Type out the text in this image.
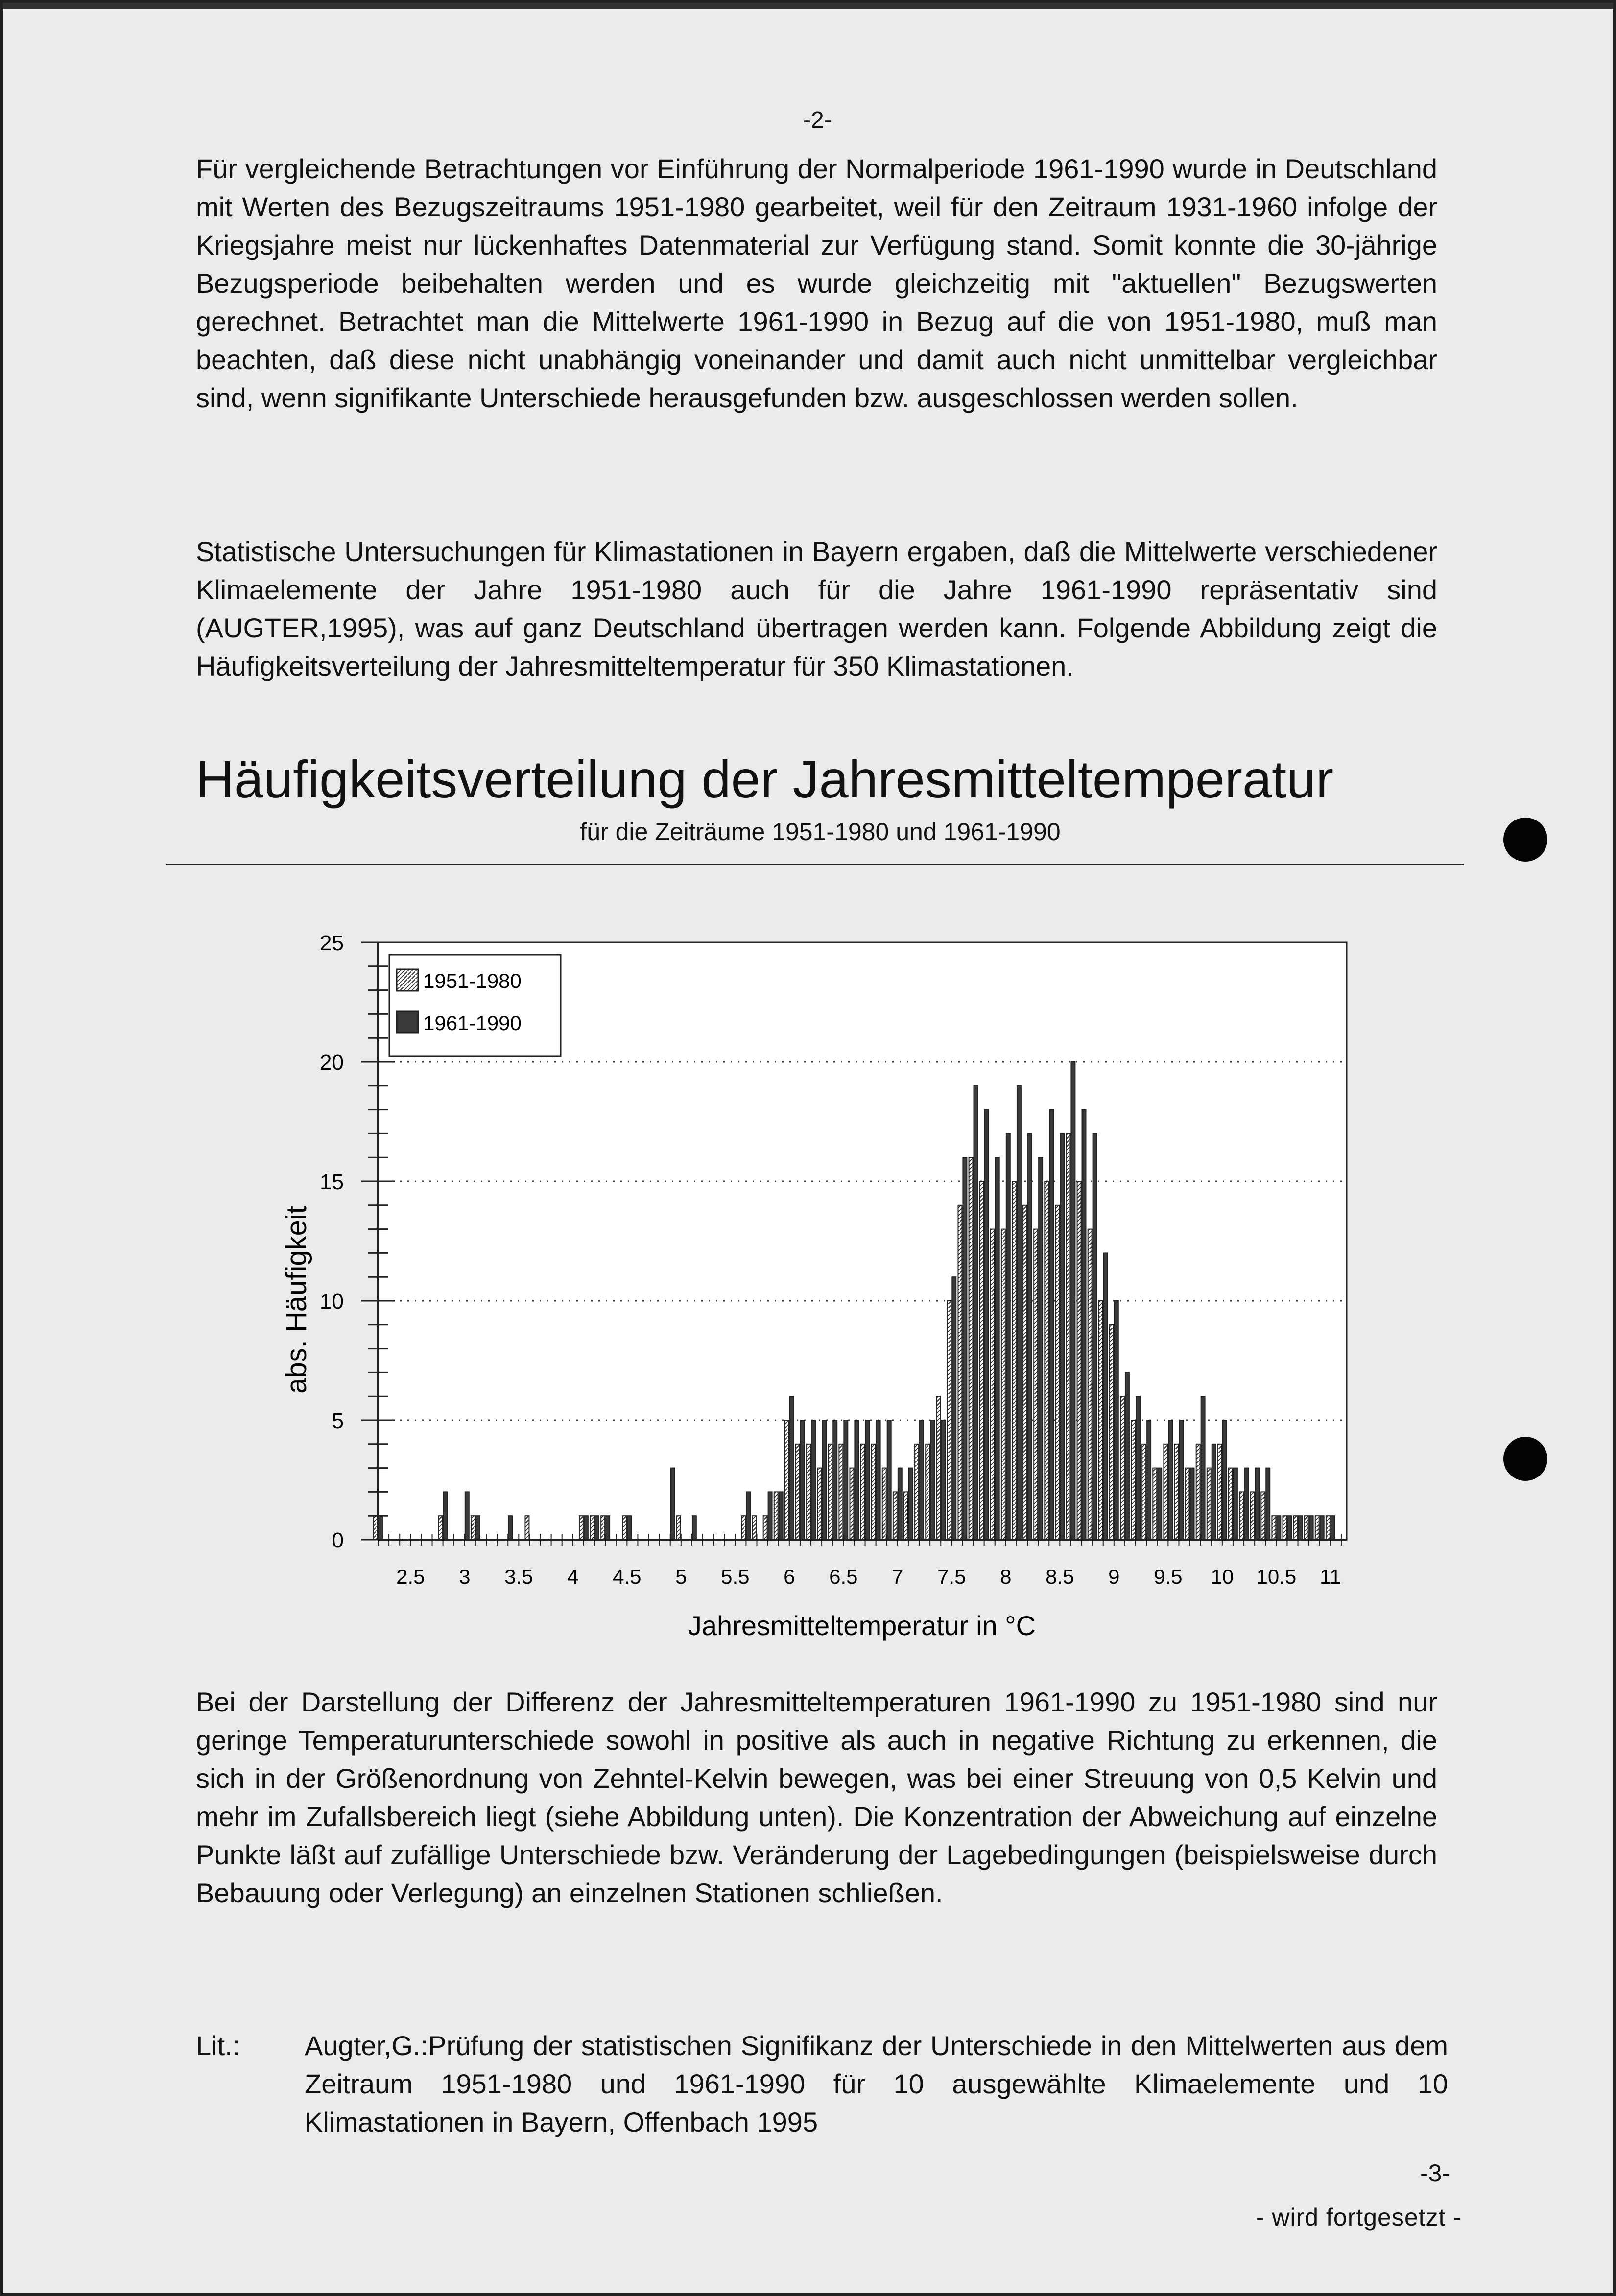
-2-
Für vergleichende Betrachtungen vor Einführung der Normalperiode 1961-1990 wurde in Deutschland mit Werten des Bezugszeitraums 1951-1980 gearbeitet, weil für den Zeitraum 1931-1960 infolge der Kriegsjahre meist nur lückenhaftes Datenmaterial zur Verfügung stand. Somit konnte die 30-jährige Bezugsperiode beibehalten werden und es wurde gleichzeitig mit "aktuellen" Bezugswerten gerechnet. Betrachtet man die Mittelwerte 1961-1990 in Bezug auf die von 1951-1980, muß man beachten, daß diese nicht unabhängig voneinander und damit auch nicht unmittelbar vergleichbar sind, wenn signifikante Unterschiede herausgefunden bzw. ausgeschlossen werden sollen.
Statistische Untersuchungen für Klimastationen in Bayern ergaben, daß die Mittelwerte verschiedener Klimaelemente der Jahre 1951-1980 auch für die Jahre 1961-1990 repräsentativ sind (AUGTER,1995), was auf ganz Deutschland übertragen werden kann. Folgende Abbildung zeigt die Häufigkeitsverteilung der Jahresmitteltemperatur für 350 Klimastationen.
Häufigkeitsverteilung der Jahresmitteltemperatur
für die Zeiträume 1951-1980 und 1961-1990
0
5
10
15
20
25
2.5 3 3.5 4 4.5 5 5.5 6 6.5 7 7.5 8 8.5 9 9.5 10 10.5 11
1951-1980
1961-1990
abs. Häufigkeit
Jahresmitteltemperatur in °C
Bei der Darstellung der Differenz der Jahresmitteltemperaturen 1961-1990 zu 1951-1980 sind nur geringe Temperaturunterschiede sowohl in positive als auch in negative Richtung zu erkennen, die sich in der Größenordnung von Zehntel-Kelvin bewegen, was bei einer Streuung von 0,5 Kelvin und mehr im Zufallsbereich liegt (siehe Abbildung unten). Die Konzentration der Abweichung auf einzelne Punkte läßt auf zufällige Unterschiede bzw. Veränderung der Lagebedingungen (beispielsweise durch Bebauung oder Verlegung) an einzelnen Stationen schließen.
Lit.: Augter,G.:Prüfung der statistischen Signifikanz der Unterschiede in den Mittelwerten aus dem Zeitraum 1951-1980 und 1961-1990 für 10 ausgewählte Klimaelemente und 10 Klimastationen in Bayern, Offenbach 1995
-3-
- wird fortgesetzt -
